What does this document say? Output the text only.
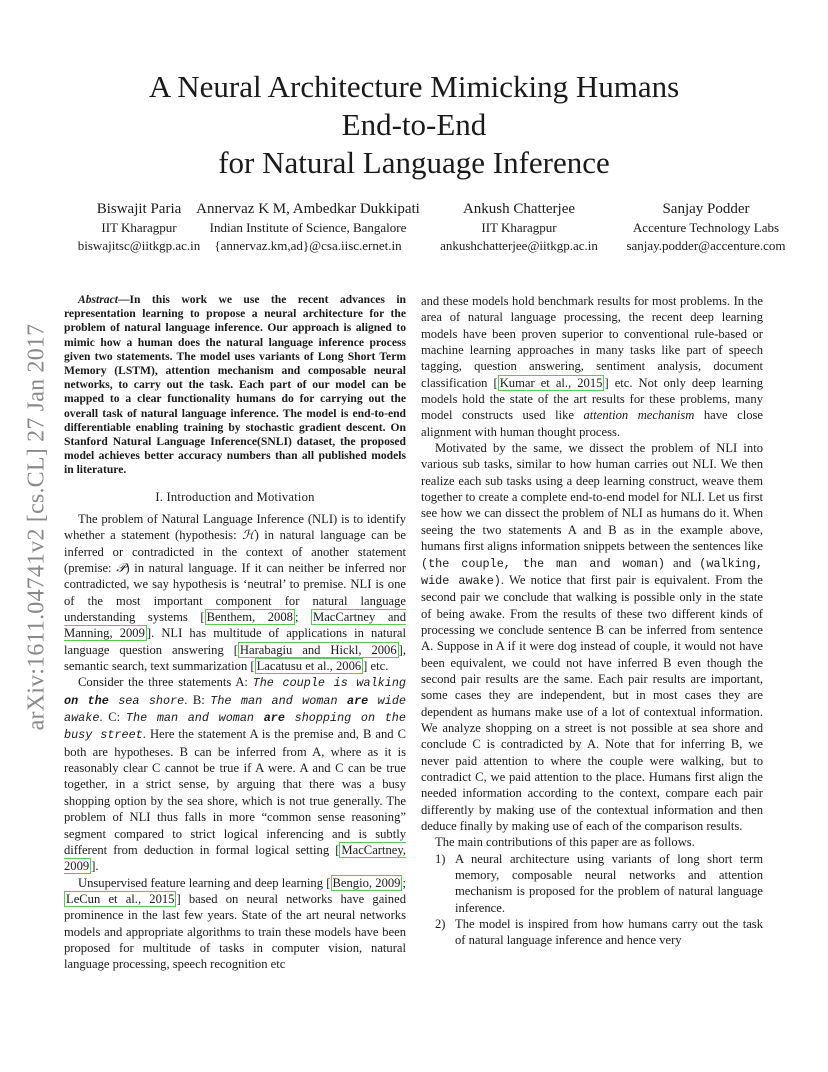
A Neural Architecture Mimicking Humans
End-to-End
for Natural Language Inference
Biswajit Paria
IIT Kharagpur
biswajitsc@iitkgp.ac.in
Annervaz K M, Ambedkar Dukkipati
Indian Institute of Science, Bangalore
{annervaz.km,ad}@csa.iisc.ernet.in
Ankush Chatterjee
IIT Kharagpur
ankushchatterjee@iitkgp.ac.in
Sanjay Podder
Accenture Technology Labs
sanjay.podder@accenture.com
arXiv:1611.04741v2 [cs.CL] 27 Jan 2017

Abstract—In this work we use the recent advances in representation learning to propose a neural architecture for the problem of natural language inference. Our approach is aligned to mimic how a human does the natural language inference process given two statements. The model uses variants of Long Short Term Memory (LSTM), attention mechanism and composable neural networks, to carry out the task. Each part of our model can be mapped to a clear functionality humans do for carrying out the overall task of natural language inference. The model is end-to-end differentiable enabling training by stochastic gradient descent. On Stanford Natural Language Inference(SNLI) dataset, the proposed model achieves better accuracy numbers than all published models in literature.

I. Introduction and Motivation

The problem of Natural Language Inference (NLI) is to identify whether a statement (hypothesis: ℋ) in natural language can be inferred or contradicted in the context of another statement (premise: 𝒫) in natural language. If it can neither be inferred nor contradicted, we say hypothesis is ‘neutral’ to premise. NLI is one of the most important component for natural language understanding systems [ Benthem, 2008 ; MacCartney and Manning, 2009 ]. NLI has multitude of applications in natural language question answering [ Harabagiu and Hickl, 2006 ], semantic search, text summarization [ Lacatusu et al., 2006 ] etc.

Consider the three statements A: The couple is walking on the sea shore. B: The man and woman are wide awake. C: The man and woman are shopping on the busy street. Here the statement A is the premise and, B and C both are hypotheses. B can be inferred from A, where as it is reasonably clear C cannot be true if A were. A and C can be true together, in a strict sense, by arguing that there was a busy shopping option by the sea shore, which is not true generally. The problem of NLI thus falls in more “common sense reasoning” segment compared to strict logical inferencing and is subtly different from deduction in formal logical setting [ MacCartney, 2009 ].

Unsupervised feature learning and deep learning [ Bengio, 2009 ; LeCun et al., 2015 ] based on neural networks have gained prominence in the last few years. State of the art neural networks models and appropriate algorithms to train these models have been proposed for multitude of tasks in computer vision, natural language processing, speech recognition etc

and these models hold benchmark results for most problems. In the area of natural language processing, the recent deep learning models have been proven superior to conventional rule-based or machine learning approaches in many tasks like part of speech tagging, question answering, sentiment analysis, document classification [ Kumar et al., 2015 ] etc. Not only deep learning models hold the state of the art results for these problems, many model constructs used like attention mechanism have close alignment with human thought process.

Motivated by the same, we dissect the problem of NLI into various sub tasks, similar to how human carries out NLI. We then realize each sub tasks using a deep learning construct, weave them together to create a complete end-to-end model for NLI. Let us first see how we can dissect the problem of NLI as humans do it. When seeing the two statements A and B as in the example above, humans first aligns information snippets between the sentences like (the couple, the man and woman) and (walking, wide awake). We notice that first pair is equivalent. From the second pair we conclude that walking is possible only in the state of being awake. From the results of these two different kinds of processing we conclude sentence B can be inferred from sentence A. Suppose in A if it were dog instead of couple, it would not have been equivalent, we could not have inferred B even though the second pair results are the same. Each pair results are important, some cases they are independent, but in most cases they are dependent as humans make use of a lot of contextual information. We analyze shopping on a street is not possible at sea shore and conclude C is contradicted by A. Note that for inferring B, we never paid attention to where the couple were walking, but to contradict C, we paid attention to the place. Humans first align the needed information according to the context, compare each pair differently by making use of the contextual information and then deduce finally by making use of each of the comparison results.

The main contributions of this paper are as follows.

1) A neural architecture using variants of long short term memory, composable neural networks and attention mechanism is proposed for the problem of natural language inference.
2) The model is inspired from how humans carry out the task of natural language inference and hence very
